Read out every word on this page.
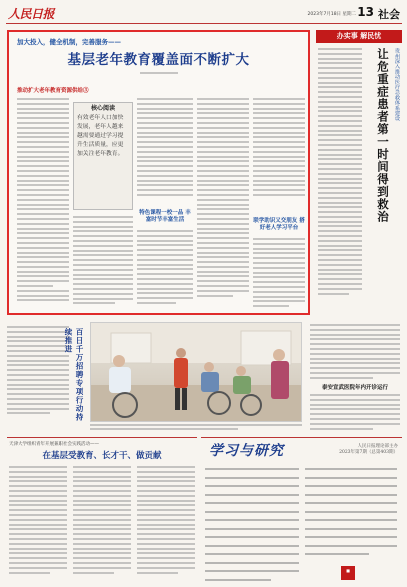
人民日报	2023年7月18日 星期二 13 社会
加大投入，健全机制，完善服务——
基层老年教育覆盖面不断扩大
推动扩大老年教育资源供给③
核心阅读
有效老年人口加快发展，老年人越来越需要通过学习提升生活质量，应更加关注老年教育。
特色课程一校一品 丰富时节丰富生活	联学助识又交朋友 搭好老人学习平台
办实事 解民忧
贵州深入推动医疗急救体系建设
让危重症患者第一时间得到救治
百日千万招聘专项行动持续推进
泰安宣武医院年内开诊运行
天津大学组织青年开展兼职社会实践活动——
在基层受教育、长才干、做贡献	学习与研究	人民日报理论部主办
2023年第7期（总第403期）
■
